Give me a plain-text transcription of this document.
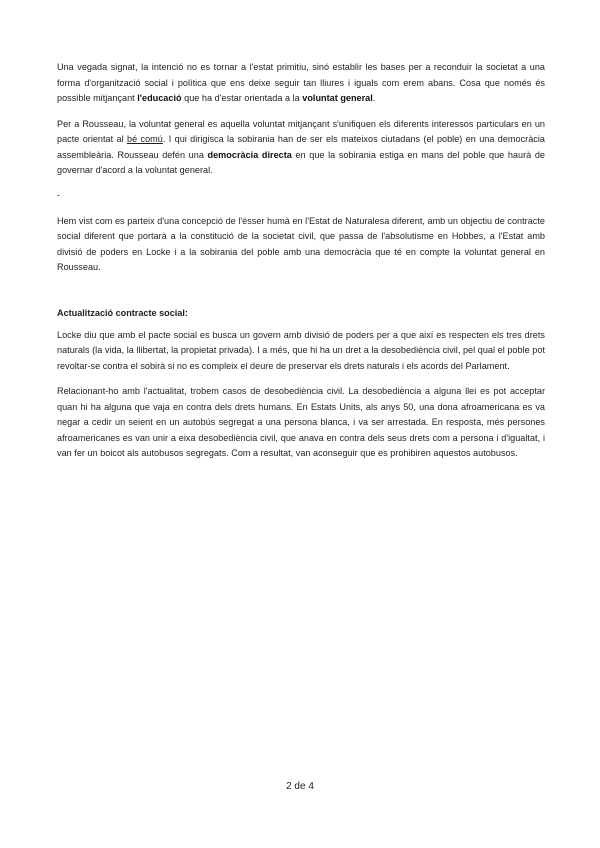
Una vegada signat, la intenció no es tornar a l'estat primitiu, sinó establir les bases per a reconduir la societat a una forma d'organització social i política que ens deixe seguir tan lliures i iguals com erem abans. Cosa que només és possible mitjançant l'educació que ha d'estar orientada a la voluntat general.

Per a Rousseau, la voluntat general es aquella voluntat mitjançant s'unifiquen els diferents interessos particulars en un pacte orientat al bé comú. I qui dirigisca la sobirania han de ser els mateixos ciutadans (el poble) en una democràcia assembleària. Rousseau defén una democràcia directa en que la sobirania estiga en mans del poble que haurà de governar d'acord a la voluntat general.

-

Hem vist com es parteix d'una concepció de l'ésser humà en l'Estat de Naturalesa diferent, amb un objectiu de contracte social diferent que portarà a la constitució de la societat civil, que passa de l'absolutisme en Hobbes, a l'Estat amb divisió de poders en Locke i a la sobirania del poble amb una democràcia que té en compte la voluntat general en Rousseau.

Actualització contracte social:

Locke diu que amb el pacte social es busca un govern amb divisió de poders per a que així es respecten els tres drets naturals (la vida, la llibertat, la propietat privada). I a més, que hi ha un dret a la desobediència civil, pel qual el poble pot revoltar-se contra el sobirà si no es compleix el deure de preservar els drets naturals i els acords del Parlament.

Relacionant-ho amb l'actualitat, trobem casos de desobediència civil. La desobediència a alguna llei es pot acceptar quan hi ha alguna que vaja en contra dels drets humans. En Estats Units, als anys 50, una dona afroamericana es va negar a cedir un seient en un autobús segregat a una persona blanca, i va ser arrestada. En resposta, més persones afroamericanes es van unir a eixa desobediència civil, que anava en contra dels seus drets com a persona i d'igualtat, i van fer un boicot als autobusos segregats. Com a resultat, van aconseguir que es prohibiren aquestos autobusos.

2 de 4
